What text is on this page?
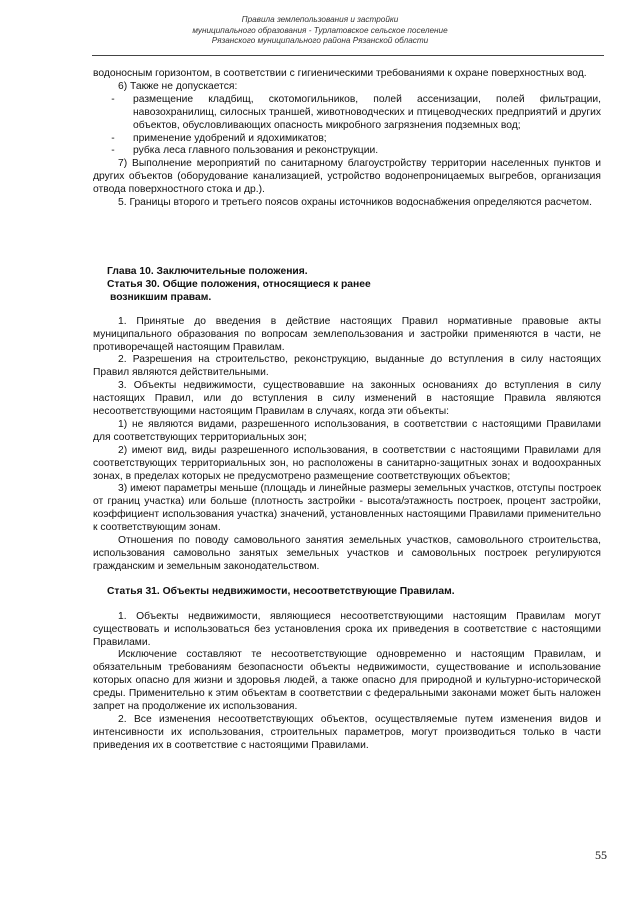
Правила землепользования и застройки
муниципального образования - Турлатовское сельское поселение
Рязанского муниципального района Рязанской области

водоносным горизонтом, в соответствии с гигиеническими требованиями к охране поверхностных вод.

6) Также не допускается:

-	размещение кладбищ, скотомогильников, полей ассенизации, полей фильтрации, навозохранилищ, силосных траншей, животноводческих и птицеводческих предприятий и других объектов, обусловливающих опасность микробного загрязнения подземных вод;
-	применение удобрений и ядохимикатов;
-	рубка леса главного пользования и реконструкции.

7) Выполнение мероприятий по санитарному благоустройству территории населенных пунктов и других объектов (оборудование канализацией, устройство водонепроницаемых выгребов, организация отвода поверхностного стока и др.).

5. Границы второго и третьего поясов охраны источников водоснабжения определяются расчетом.

Глава 10. Заключительные положения.
Статья 30. Общие положения, относящиеся к ранее
возникшим правам.

1. Принятые до введения в действие настоящих Правил нормативные правовые акты муниципального образования по вопросам землепользования и застройки применяются в части, не противоречащей настоящим Правилам.

2. Разрешения на строительство, реконструкцию, выданные до вступления в силу настоящих Правил являются действительными.

3. Объекты недвижимости, существовавшие на законных основаниях до вступления в силу настоящих Правил, или до вступления в силу изменений в настоящие Правила являются несоответствующими настоящим Правилам в случаях, когда эти объекты:

1) не являются видами, разрешенного использования, в соответствии с настоящими Правилами для соответствующих территориальных зон;

2) имеют вид, виды разрешенного использования, в соответствии с настоящими Правилами для соответствующих территориальных зон, но расположены в санитарно-защитных зонах и водоохранных зонах, в пределах которых не предусмотрено размещение соответствующих объектов;

3) имеют параметры меньше (площадь и линейные размеры земельных участков, отступы построек от границ участка) или больше (плотность застройки - высота/этажность построек, процент застройки, коэффициент использования участка) значений, установленных настоящими Правилами применительно к соответствующим зонам.

Отношения по поводу самовольного занятия земельных участков, самовольного строительства, использования самовольно занятых земельных участков и самовольных построек регулируются гражданским и земельным законодательством.

Статья 31. Объекты недвижимости, несоответствующие Правилам.

1. Объекты недвижимости, являющиеся несоответствующими настоящим Правилам могут существовать и использоваться без установления срока их приведения в соответствие с настоящими Правилами.

Исключение составляют те несоответствующие одновременно и настоящим Правилам, и обязательным требованиям безопасности объекты недвижимости, существование и использование которых опасно для жизни и здоровья людей, а также опасно для природной и культурно-исторической среды. Применительно к этим объектам в соответствии с федеральными законами может быть наложен запрет на продолжение их использования.

2. Все изменения несоответствующих объектов, осуществляемые путем изменения видов и интенсивности их использования, строительных параметров, могут производиться только в части приведения их в соответствие с настоящими Правилами.

55
